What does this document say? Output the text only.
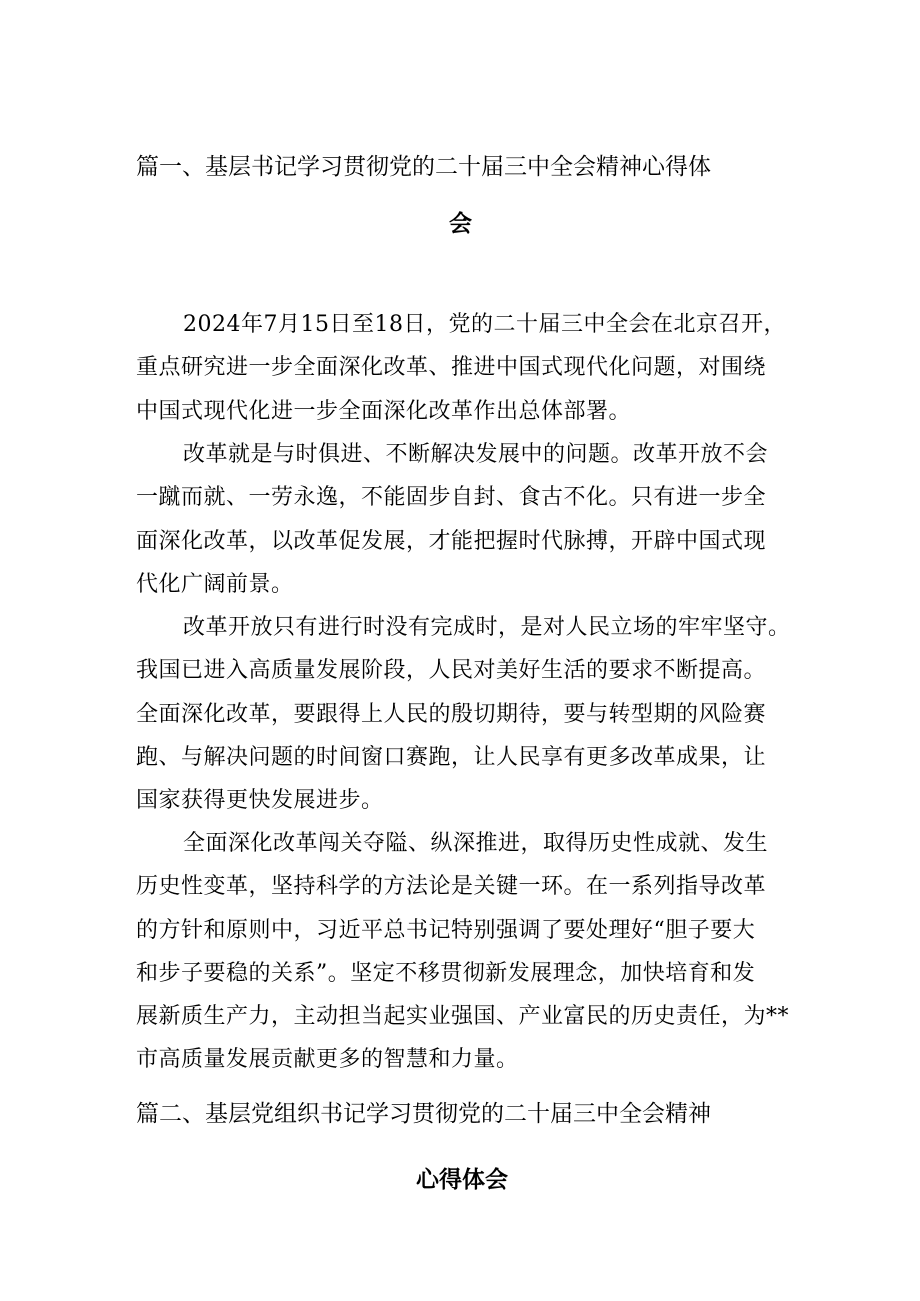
篇一、基层书记学习贯彻党的二十届三中全会精神心得体
会
2024年7月15日至18日，党的二十届三中全会在北京召开，
重点研究进一步全面深化改革、推进中国式现代化问题，对围绕
中国式现代化进一步全面深化改革作出总体部署。
改革就是与时俱进、不断解决发展中的问题。改革开放不会
一蹴而就、一劳永逸，不能固步自封、食古不化。只有进一步全
面深化改革，以改革促发展，才能把握时代脉搏，开辟中国式现
代化广阔前景。
改革开放只有进行时没有完成时，是对人民立场的牢牢坚守。
我国已进入高质量发展阶段，人民对美好生活的要求不断提高。
全面深化改革，要跟得上人民的殷切期待，要与转型期的风险赛
跑、与解决问题的时间窗口赛跑，让人民享有更多改革成果，让
国家获得更快发展进步。
全面深化改革闯关夺隘、纵深推进，取得历史性成就、发生
历史性变革，坚持科学的方法论是关键一环。在一系列指导改革
的方针和原则中，习近平总书记特别强调了要处理好“胆子要大
和步子要稳的关系”。坚定不移贯彻新发展理念，加快培育和发
展新质生产力，主动担当起实业强国、产业富民的历史责任，为**
市高质量发展贡献更多的智慧和力量。
篇二、基层党组织书记学习贯彻党的二十届三中全会精神
心得体会
